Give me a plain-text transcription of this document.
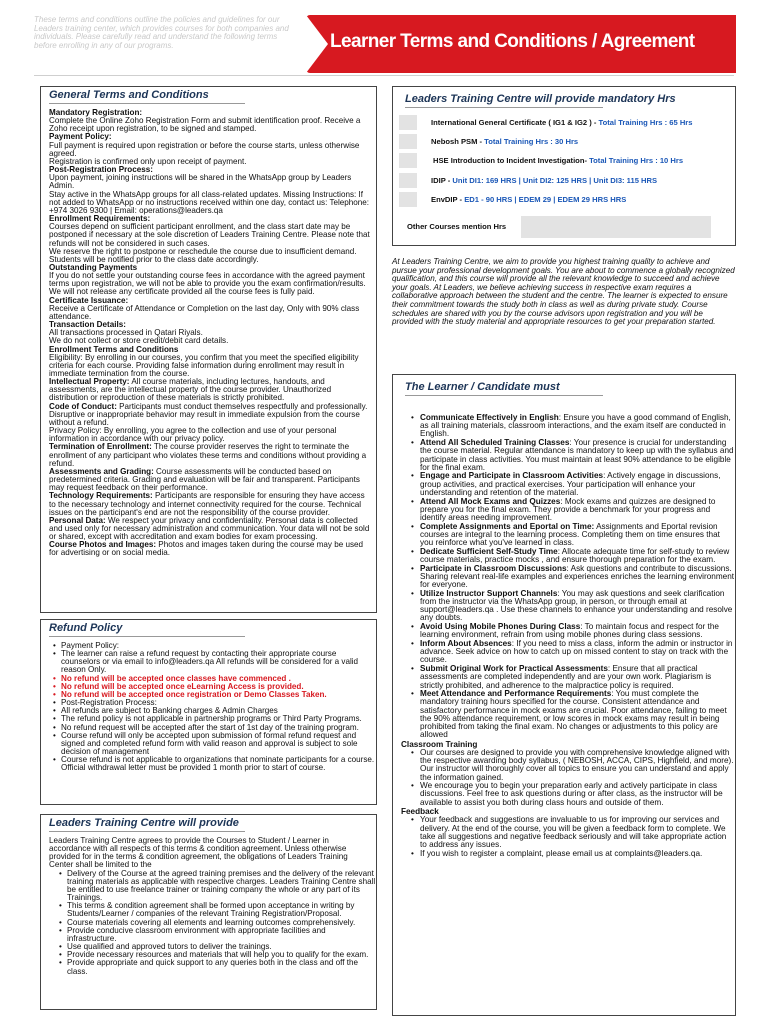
These terms and conditions outline the policies and guidelines for our Leaders training center, which provides courses for both companies and individuals. Please carefully read and understand the following terms before enrolling in any of our programs.	Learner Terms and Conditions / Agreement
General Terms and Conditions

Mandatory Registration:

Complete the Online Zoho Registration Form and submit identification proof. Receive a Zoho receipt upon registration, to be signed and stamped.

Payment Policy:

Full payment is required upon registration or before the course starts, unless otherwise agreed.

Registration is confirmed only upon receipt of payment.

Post-Registration Process:

Upon payment, joining instructions will be shared in the WhatsApp group by Leaders Admin.

Stay active in the WhatsApp groups for all class-related updates. Missing Instructions: If not added to WhatsApp or no instructions received within one day, contact us: Telephone: +974 3026 9300 | Email: operations@leaders.qa

Enrollment Requirements:

Courses depend on sufficient participant enrollment, and the class start date may be postponed if necessary at the sole discretion of Leaders Training Centre. Please note that refunds will not be considered in such cases.

We reserve the right to postpone or reschedule the course due to insufficient demand. Students will be notified prior to the class date accordingly.

Outstanding Payments

If you do not settle your outstanding course fees in accordance with the agreed payment terms upon registration, we will not be able to provide you the exam confirmation/results. We will not release any certificate provided all the course fees is fully paid.

Certificate Issuance:

Receive a Certificate of Attendance or Completion on the last day, Only with 90% class attendance.

Transaction Details:

All transactions processed in Qatari Riyals.

We do not collect or store credit/debit card details.

Enrollment Terms and Conditions

Eligibility: By enrolling in our courses, you confirm that you meet the specified eligibility criteria for each course. Providing false information during enrollment may result in immediate termination from the course.

Intellectual Property: All course materials, including lectures, handouts, and assessments, are the intellectual property of the course provider. Unauthorized distribution or reproduction of these materials is strictly prohibited.

Code of Conduct: Participants must conduct themselves respectfully and professionally. Disruptive or inappropriate behavior may result in immediate expulsion from the course without a refund.

Privacy Policy: By enrolling, you agree to the collection and use of your personal information in accordance with our privacy policy.

Termination of Enrollment: The course provider reserves the right to terminate the enrollment of any participant who violates these terms and conditions without providing a refund.

Assessments and Grading: Course assessments will be conducted based on predetermined criteria. Grading and evaluation will be fair and transparent. Participants may request feedback on their performance.

Technology Requirements: Participants are responsible for ensuring they have access to the necessary technology and internet connectivity required for the course. Technical issues on the participant's end are not the responsibility of the course provider.

Personal Data: We respect your privacy and confidentiality. Personal data is collected and used only for necessary administration and communication. Your data will not be sold or shared, except with accreditation and exam bodies for exam processing.

Course Photos and Images: Photos and images taken during the course may be used for advertising or on social media.

Refund Policy
• Payment Policy:
• The learner can raise a refund request by contacting their appropriate course counselors or via email to info@leaders.qa All refunds will be considered for a valid reason Only.
• No refund will be accepted once classes have commenced .
• No refund will be accepted once eLearning Access is provided.
• No refund will be accepted once registration or Demo Classes Taken.
• Post-Registration Process:
• All refunds are subject to Banking charges & Admin Charges
• The refund policy is not applicable in partnership programs or Third Party Programs.
• No refund request will be accepted after the start of 1st day of the training program.
• Course refund will only be accepted upon submission of formal refund request and signed and completed refund form with valid reason and approval is subject to sole decision of management
• Course refund is not applicable to organizations that nominate participants for a course. Official withdrawal letter must be provided 1 month prior to start of course.
Leaders Training Centre will provide
Leaders Training Centre agrees to provide the Courses to Student / Learner in accordance with all respects of this terms & condition agreement. Unless otherwise provided for in the terms & condition agreement, the obligations of Leaders Training Center shall be limited to the
• Delivery of the Course at the agreed training premises and the delivery of the relevant training materials as applicable with respective charges. Leaders Training Centre shall be entitled to use freelance trainer or training company the whole or any part of its Trainings.
• This terms & condition agreement shall be formed upon acceptance in writing by Students/Learner / companies of the relevant Training Registration/Proposal.
• Course materials covering all elements and learning outcomes comprehensively.
• Provide conducive classroom environment with appropriate facilities and infrastructure.
• Use qualified and approved tutors to deliver the trainings.
• Provide necessary resources and materials that will help you to qualify for the exam.
• Provide appropriate and quick support to any queries both in the class and off the class.
Leaders Training Centre will provide mandatory Hrs
International General Certificate ( IG1 & IG2 ) - Total Training Hrs : 65 Hrs
Nebosh PSM - Total Training Hrs : 30 Hrs
HSE Introduction to Incident Investigation- Total Training Hrs : 10 Hrs
IDIP - Unit DI1: 169 HRS | Unit DI2: 125 HRS | Unit DI3: 115 HRS
EnvDIP - ED1 - 90 HRS | EDEM 29 | EDEM 29 HRS HRS
Other Courses mention Hrs
At Leaders Training Centre, we aim to provide you highest training quality to achieve and pursue your professional development goals. You are about to commence a globally recognized qualification, and this course will provide all the relevant knowledge to succeed and achieve your goals. At Leaders, we believe achieving success in respective exam requires a collaborative approach between the student and the centre. The learner is expected to ensure their commitment towards the study both in class as well as during private study. Course schedules are shared with you by the course advisors upon registration and you will be provided with the study material and appropriate resources to get your preparation started.
The Learner / Candidate must
• Communicate Effectively in English: Ensure you have a good command of English, as all training materials, classroom interactions, and the exam itself are conducted in English.
• Attend All Scheduled Training Classes: Your presence is crucial for understanding the course material. Regular attendance is mandatory to keep up with the syllabus and participate in class activities. You must maintain at least 90% attendance to be eligible for the final exam.
• Engage and Participate in Classroom Activities: Actively engage in discussions, group activities, and practical exercises. Your participation will enhance your understanding and retention of the material.
• Attend All Mock Exams and Quizzes: Mock exams and quizzes are designed to prepare you for the final exam. They provide a benchmark for your progress and identify areas needing improvement.
• Complete Assignments and Eportal on Time: Assignments and Eportal revision courses are integral to the learning process. Completing them on time ensures that you reinforce what you've learned in class.
• Dedicate Sufficient Self-Study Time: Allocate adequate time for self-study to review course materials, practice mocks , and ensure thorough preparation for the exam.
• Participate in Classroom Discussions: Ask questions and contribute to discussions. Sharing relevant real-life examples and experiences enriches the learning environment for everyone.
• Utilize Instructor Support Channels: You may ask questions and seek clarification from the instructor via the WhatsApp group, in person, or through email at support@leaders.qa . Use these channels to enhance your understanding and resolve any doubts.
• Avoid Using Mobile Phones During Class: To maintain focus and respect for the learning environment, refrain from using mobile phones during class sessions.
• Inform About Absences: If you need to miss a class, inform the admin or instructor in advance. Seek advice on how to catch up on missed content to stay on track with the course.
• Submit Original Work for Practical Assessments: Ensure that all practical assessments are completed independently and are your own work. Plagiarism is strictly prohibited, and adherence to the malpractice policy is required.
• Meet Attendance and Performance Requirements: You must complete the mandatory training hours specified for the course. Consistent attendance and satisfactory performance in mock exams are crucial. Poor attendance, failing to meet the 90% attendance requirement, or low scores in mock exams may result in being prohibited from taking the final exam. No changes or adjustments to this policy are allowed
Classroom Training
• Our courses are designed to provide you with comprehensive knowledge aligned with the respective awarding body syllabus, ( NEBOSH, ACCA, CIPS, Highfield, and more). Our instructor will thoroughly cover all topics to ensure you can understand and apply the information gained.
• We encourage you to begin your preparation early and actively participate in class discussions. Feel free to ask questions during or after class, as the instructor will be available to assist you both during class hours and outside of them.
Feedback
• Your feedback and suggestions are invaluable to us for improving our services and delivery. At the end of the course, you will be given a feedback form to complete. We take all suggestions and negative feedback seriously and will take appropriate action to address any issues.
• If you wish to register a complaint, please email us at complaints@leaders.qa.
